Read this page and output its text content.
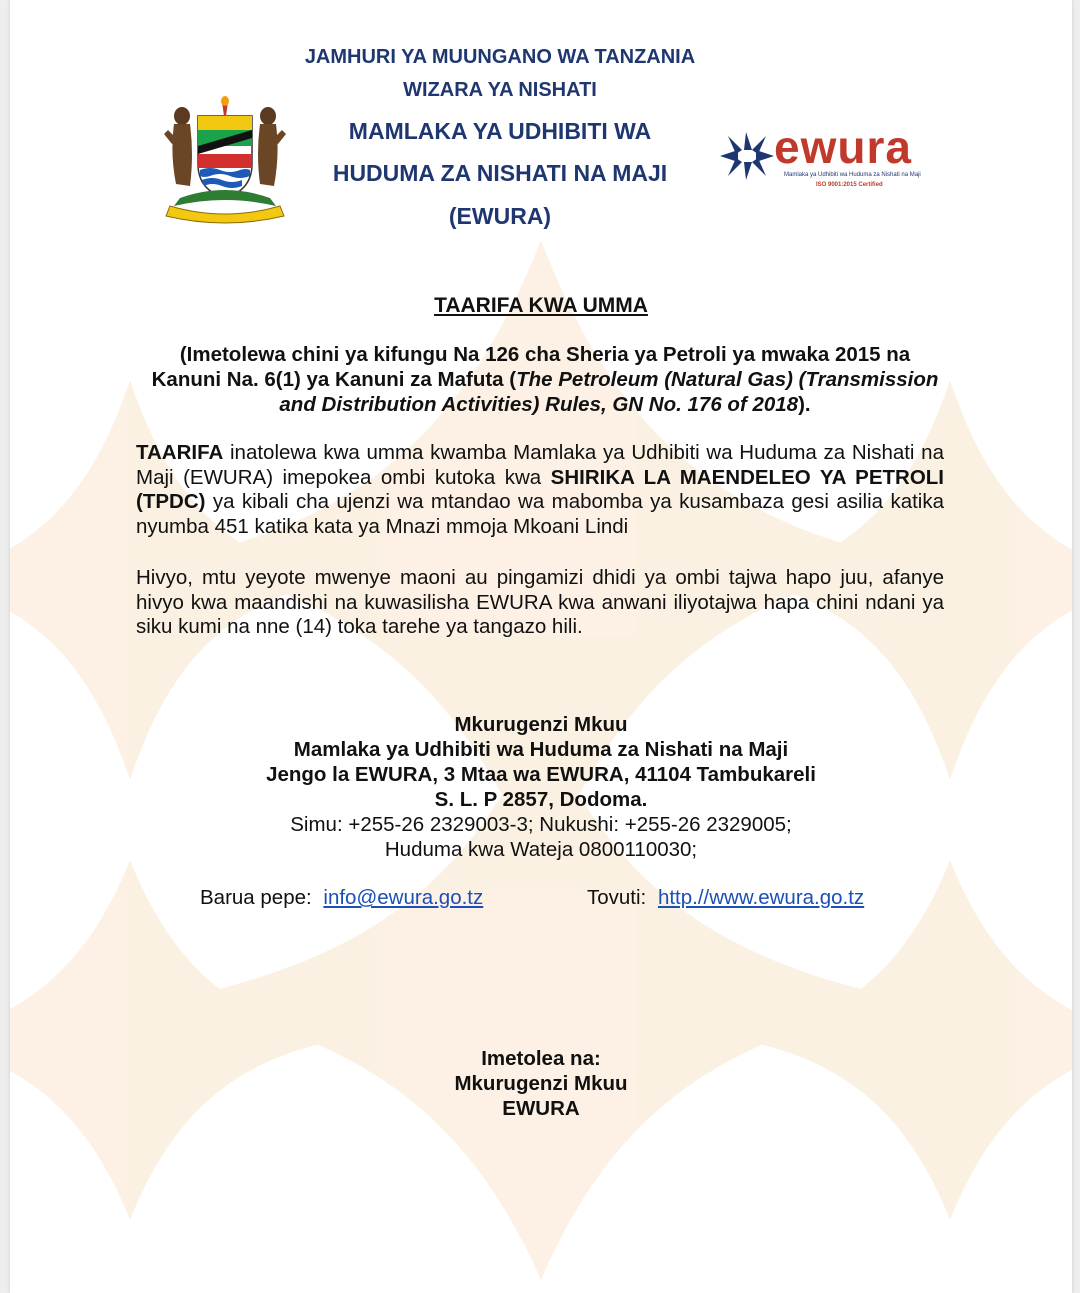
JAMHURI YA MUUNGANO WA TANZANIA
WIZARA YA NISHATI
MAMLAKA YA UDHIBITI WA
HUDUMA ZA NISHATI NA MAJI
(EWURA)
ewura
Mamlaka ya Udhibiti wa Huduma za Nishati na Maji
ISO 9001:2015 Certified
TAARIFA KWA UMMA
(Imetolewa chini ya kifungu Na 126 cha Sheria ya Petroli ya mwaka 2015 na Kanuni Na. 6(1) ya Kanuni za Mafuta (The Petroleum (Natural Gas) (Transmission and Distribution Activities) Rules, GN No. 176 of 2018).
TAARIFA inatolewa kwa umma kwamba Mamlaka ya Udhibiti wa Huduma za Nishati na Maji (EWURA) imepokea ombi kutoka kwa SHIRIKA LA MAENDELEO YA PETROLI (TPDC) ya kibali cha ujenzi wa mtandao wa mabomba ya kusambaza gesi asilia katika nyumba 451 katika kata ya Mnazi mmoja Mkoani Lindi
Hivyo, mtu yeyote mwenye maoni au pingamizi dhidi ya ombi tajwa hapo juu, afanye hivyo kwa maandishi na kuwasilisha EWURA kwa anwani iliyotajwa hapa chini ndani ya siku kumi na nne (14) toka tarehe ya tangazo hili.
Mkurugenzi Mkuu
Mamlaka ya Udhibiti wa Huduma za Nishati na Maji
Jengo la EWURA, 3 Mtaa wa EWURA, 41104 Tambukareli
S. L. P 2857, Dodoma.
Simu: +255-26 2329003-3; Nukushi: +255-26 2329005;
Huduma kwa Wateja 0800110030;
Barua pepe: info@ewura.go.tz	Tovuti: http.//www.ewura.go.tz
Imetolea na:
Mkurugenzi Mkuu
EWURA
